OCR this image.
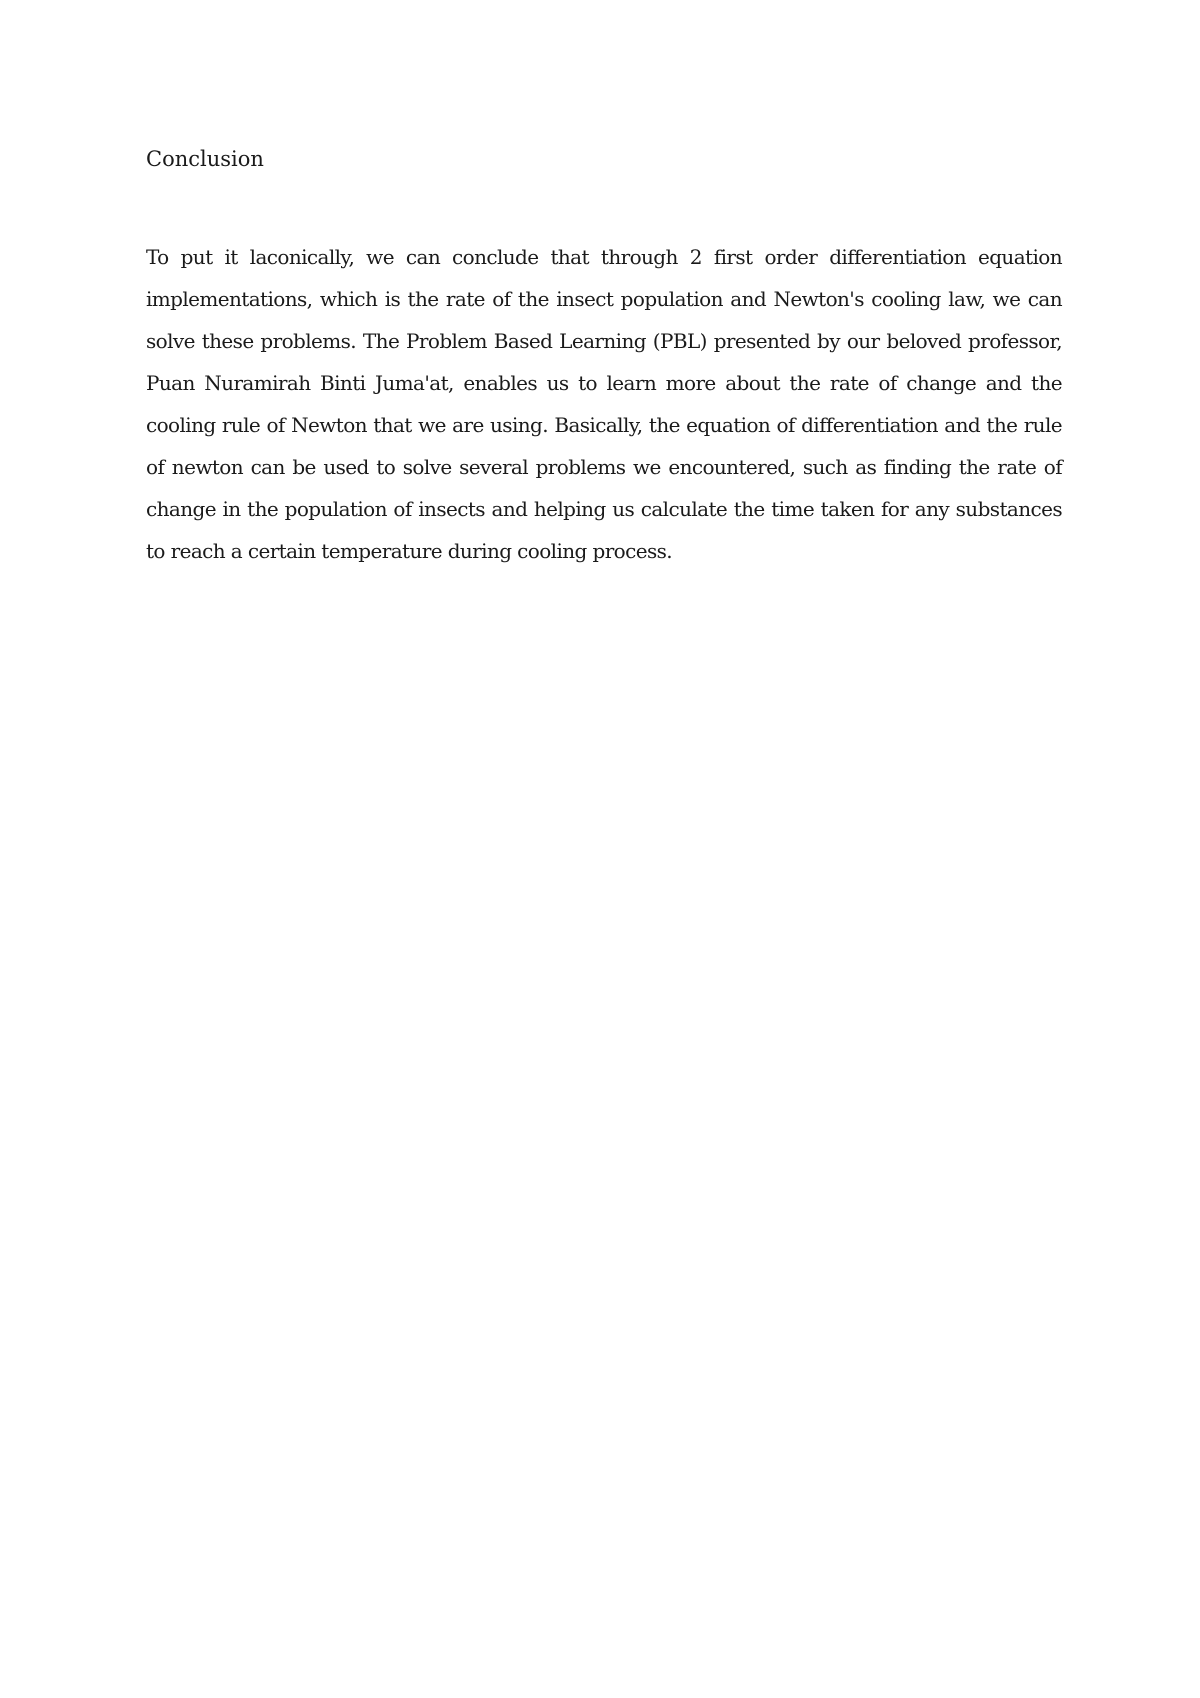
Conclusion

To put it laconically, we can conclude that through 2 first order differentiation equation implementations, which is the rate of the insect population and Newton's cooling law, we can solve these problems. The Problem Based Learning (PBL) presented by our beloved professor, Puan Nuramirah Binti Juma'at, enables us to learn more about the rate of change and the cooling rule of Newton that we are using. Basically, the equation of differentiation and the rule of newton can be used to solve several problems we encountered, such as finding the rate of change in the population of insects and helping us calculate the time taken for any substances to reach a certain temperature during cooling process.
